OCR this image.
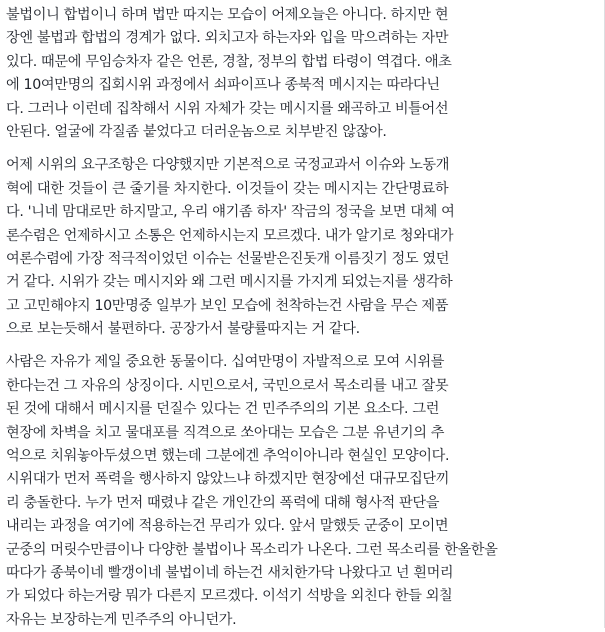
불법이니 합법이니 하며 법만 따지는 모습이 어제오늘은 아니다. 하지만 현
장엔 불법과 합법의 경계가 없다. 외치고자 하는자와 입을 막으려하는 자만
있다. 때문에 무임승차자 같은 언론, 경찰, 정부의 합법 타령이 역겹다. 애초
에 10여만명의 집회시위 과정에서 쇠파이프나 종북적 메시지는 따라다닌
다. 그러나 이런데 집착해서 시위 자체가 갖는 메시지를 왜곡하고 비틀어선
안된다. 얼굴에 각질좀 붙었다고 더러운놈으로 치부받진 않잖아.
어제 시위의 요구조항은 다양했지만 기본적으로 국정교과서 이슈와 노동개
혁에 대한 것들이 큰 줄기를 차지한다. 이것들이 갖는 메시지는 간단명료하
다. '니네 맘대로만 하지말고, 우리 얘기좀 하자' 작금의 정국을 보면 대체 여
론수렴은 언제하시고 소통은 언제하시는지 모르겠다. 내가 알기로 청와대가
여론수렴에 가장 적극적이었던 이슈는 선물받은진돗개 이름짓기 정도 였던
거 같다. 시위가 갖는 메시지와 왜 그런 메시지를 가지게 되었는지를 생각하
고 고민해야지 10만명중 일부가 보인 모습에 천착하는건 사람을 무슨 제품
으로 보는듯해서 불편하다. 공장가서 불량률따지는 거 같다.
사람은 자유가 제일 중요한 동물이다. 십여만명이 자발적으로 모여 시위를
한다는건 그 자유의 상징이다. 시민으로서, 국민으로서 목소리를 내고 잘못
된 것에 대해서 메시지를 던질수 있다는 건 민주주의의 기본 요소다. 그런
현장에 차벽을 치고 물대포를 직격으로 쏘아대는 모습은 그분 유년기의 추
억으로 치워놓아두셨으면 했는데 그분에겐 추억이아니라 현실인 모양이다.
시위대가 먼저 폭력을 행사하지 않았느냐 하겠지만 현장에선 대규모집단끼
리 충돌한다. 누가 먼저 때렸냐 같은 개인간의 폭력에 대해 형사적 판단을
내리는 과정을 여기에 적용하는건 무리가 있다. 앞서 말했듯 군중이 모이면
군중의 머릿수만큼이나 다양한 불법이나 목소리가 나온다. 그런 목소리를 한올한올
따다가 종북이네 빨갱이네 불법이네 하는건 새치한가닥 나왔다고 넌 흰머리
가 되었다 하는거랑 뭐가 다른지 모르겠다. 이석기 석방을 외친다 한들 외칠
자유는 보장하는게 민주주의 아니던가.
